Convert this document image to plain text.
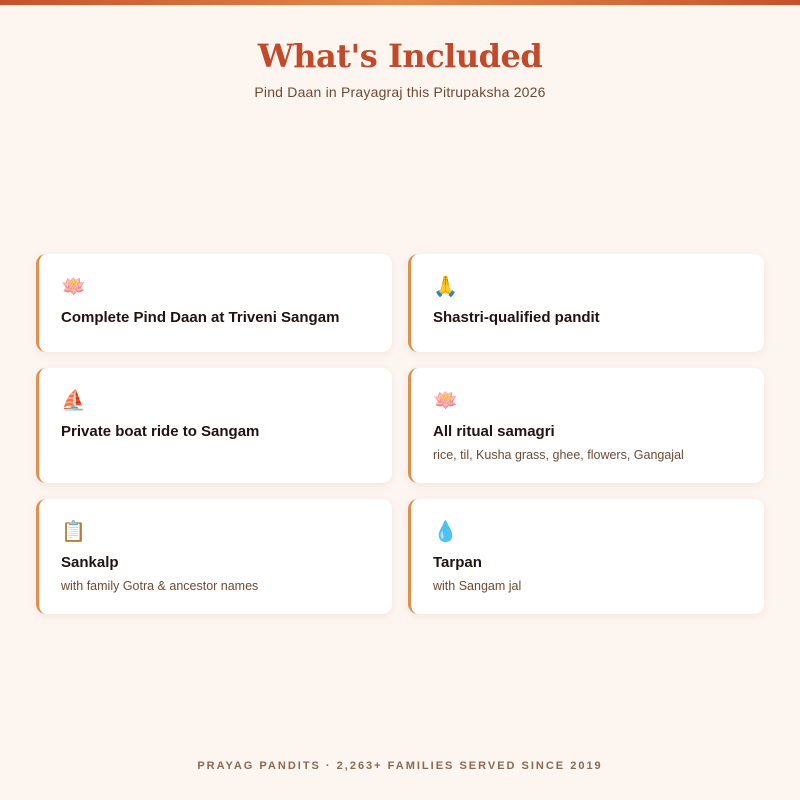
What's Included
Pind Daan in Prayagraj this Pitrupaksha 2026
🪷
Complete Pind Daan at Triveni Sangam
🙏
Shastri-qualified pandit
⛵
Private boat ride to Sangam
🪷
All ritual samagri
rice, til, Kusha grass, ghee, flowers, Gangajal
📋
Sankalp
with family Gotra & ancestor names
💧
Tarpan
with Sangam jal
PRAYAG PANDITS · 2,263+ FAMILIES SERVED SINCE 2019
